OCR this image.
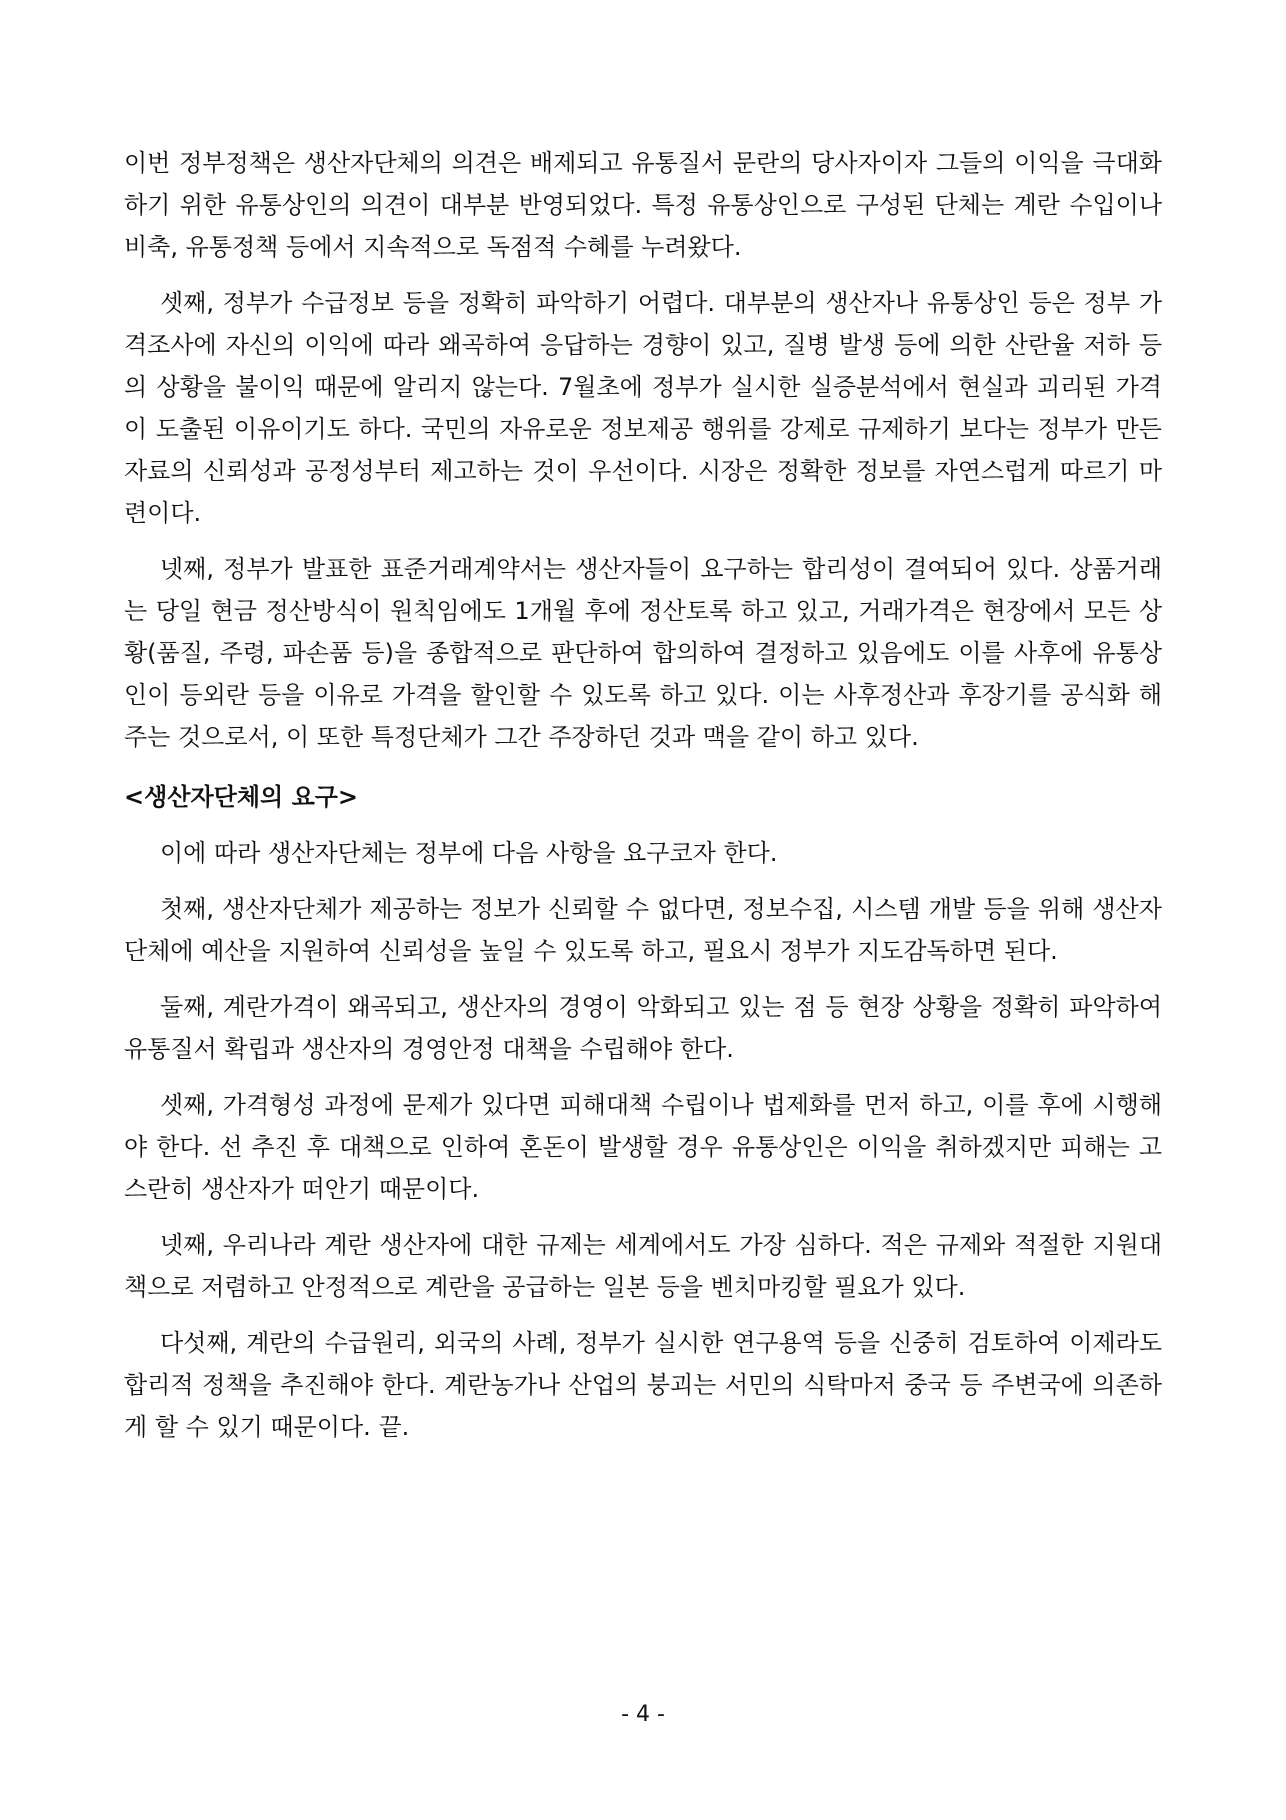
이번 정부정책은 생산자단체의 의견은 배제되고 유통질서 문란의 당사자이자 그들의 이익을 극대화하기 위한 유통상인의 의견이 대부분 반영되었다. 특정 유통상인으로 구성된 단체는 계란 수입이나 비축, 유통정책 등에서 지속적으로 독점적 수혜를 누려왔다.

셋째, 정부가 수급정보 등을 정확히 파악하기 어렵다. 대부분의 생산자나 유통상인 등은 정부 가격조사에 자신의 이익에 따라 왜곡하여 응답하는 경향이 있고, 질병 발생 등에 의한 산란율 저하 등의 상황을 불이익 때문에 알리지 않는다. 7월초에 정부가 실시한 실증분석에서 현실과 괴리된 가격이 도출된 이유이기도 하다. 국민의 자유로운 정보제공 행위를 강제로 규제하기 보다는 정부가 만든 자료의 신뢰성과 공정성부터 제고하는 것이 우선이다. 시장은 정확한 정보를 자연스럽게 따르기 마련이다.

넷째, 정부가 발표한 표준거래계약서는 생산자들이 요구하는 합리성이 결여되어 있다. 상품거래는 당일 현금 정산방식이 원칙임에도 1개월 후에 정산토록 하고 있고, 거래가격은 현장에서 모든 상황(품질, 주령, 파손품 등)을 종합적으로 판단하여 합의하여 결정하고 있음에도 이를 사후에 유통상인이 등외란 등을 이유로 가격을 할인할 수 있도록 하고 있다. 이는 사후정산과 후장기를 공식화 해주는 것으로서, 이 또한 특정단체가 그간 주장하던 것과 맥을 같이 하고 있다.

<생산자단체의 요구>

이에 따라 생산자단체는 정부에 다음 사항을 요구코자 한다.

첫째, 생산자단체가 제공하는 정보가 신뢰할 수 없다면, 정보수집, 시스템 개발 등을 위해 생산자단체에 예산을 지원하여 신뢰성을 높일 수 있도록 하고, 필요시 정부가 지도감독하면 된다.

둘째, 계란가격이 왜곡되고, 생산자의 경영이 악화되고 있는 점 등 현장 상황을 정확히 파악하여 유통질서 확립과 생산자의 경영안정 대책을 수립해야 한다.

셋째, 가격형성 과정에 문제가 있다면 피해대책 수립이나 법제화를 먼저 하고, 이를 후에 시행해야 한다. 선 추진 후 대책으로 인하여 혼돈이 발생할 경우 유통상인은 이익을 취하겠지만 피해는 고스란히 생산자가 떠안기 때문이다.

넷째, 우리나라 계란 생산자에 대한 규제는 세계에서도 가장 심하다. 적은 규제와 적절한 지원대책으로 저렴하고 안정적으로 계란을 공급하는 일본 등을 벤치마킹할 필요가 있다.

다섯째, 계란의 수급원리, 외국의 사례, 정부가 실시한 연구용역 등을 신중히 검토하여 이제라도 합리적 정책을 추진해야 한다. 계란농가나 산업의 붕괴는 서민의 식탁마저 중국 등 주변국에 의존하게 할 수 있기 때문이다. 끝.

- 4 -
